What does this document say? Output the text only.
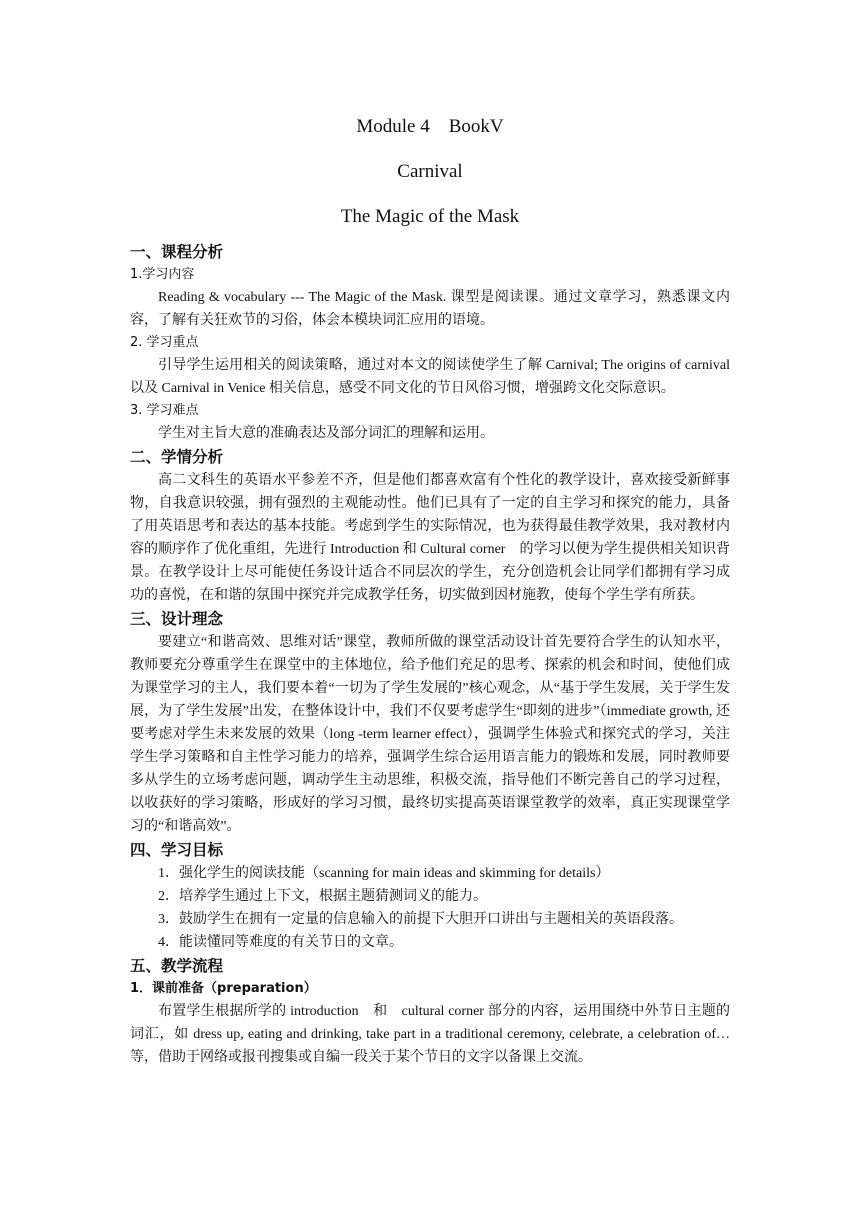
Module 4　BookV
Carnival
The Magic of the Mask
一、课程分析
1.学习内容

Reading & vocabulary --- The Magic of the Mask. 课型是阅读课。通过文章学习，熟悉课文内容，了解有关狂欢节的习俗，体会本模块词汇应用的语境。

2. 学习重点

引导学生运用相关的阅读策略，通过对本文的阅读使学生了解 Carnival; The origins of carnival 以及 Carnival in Venice 相关信息，感受不同文化的节日风俗习惯，增强跨文化交际意识。

3. 学习难点

学生对主旨大意的准确表达及部分词汇的理解和运用。

二、学情分析

高二文科生的英语水平参差不齐，但是他们都喜欢富有个性化的教学设计，喜欢接受新鲜事物，自我意识较强，拥有强烈的主观能动性。他们已具有了一定的自主学习和探究的能力，具备了用英语思考和表达的基本技能。考虑到学生的实际情况，也为获得最佳教学效果，我对教材内容的顺序作了优化重组，先进行 Introduction 和 Cultural corner　的学习以便为学生提供相关知识背景。在教学设计上尽可能使任务设计适合不同层次的学生，充分创造机会让同学们都拥有学习成功的喜悦，在和谐的氛围中探究并完成教学任务，切实做到因材施教，使每个学生学有所获。

三、设计理念

要建立“和谐高效、思维对话”课堂，教师所做的课堂活动设计首先要符合学生的认知水平，教师要充分尊重学生在课堂中的主体地位，给予他们充足的思考、探索的机会和时间，使他们成为课堂学习的主人，我们要本着“一切为了学生发展的”核心观念，从“基于学生发展，关于学生发展，为了学生发展”出发，在整体设计中，我们不仅要考虑学生“即刻的进步”（immediate growth, 还要考虑对学生未来发展的效果（long -term learner effect），强调学生体验式和探究式的学习，关注学生学习策略和自主性学习能力的培养，强调学生综合运用语言能力的锻炼和发展，同时教师要多从学生的立场考虑问题，调动学生主动思维，积极交流，指导他们不断完善自己的学习过程，以收获好的学习策略，形成好的学习习惯，最终切实提高英语课堂教学的效率，真正实现课堂学习的“和谐高效”。

四、学习目标

1．强化学生的阅读技能（scanning for main ideas and skimming for details）

2．培养学生通过上下文，根据主题猜测词义的能力。

3．鼓励学生在拥有一定量的信息输入的前提下大胆开口讲出与主题相关的英语段落。

4．能读懂同等难度的有关节日的文章。

五、教学流程
1．课前准备（preparation）

布置学生根据所学的 introduction　和　cultural corner 部分的内容，运用围绕中外节日主题的词汇，如 dress up, eating and drinking, take part in a traditional ceremony, celebrate, a celebration of… 等，借助于网络或报刊搜集或自编一段关于某个节日的文字以备课上交流。
